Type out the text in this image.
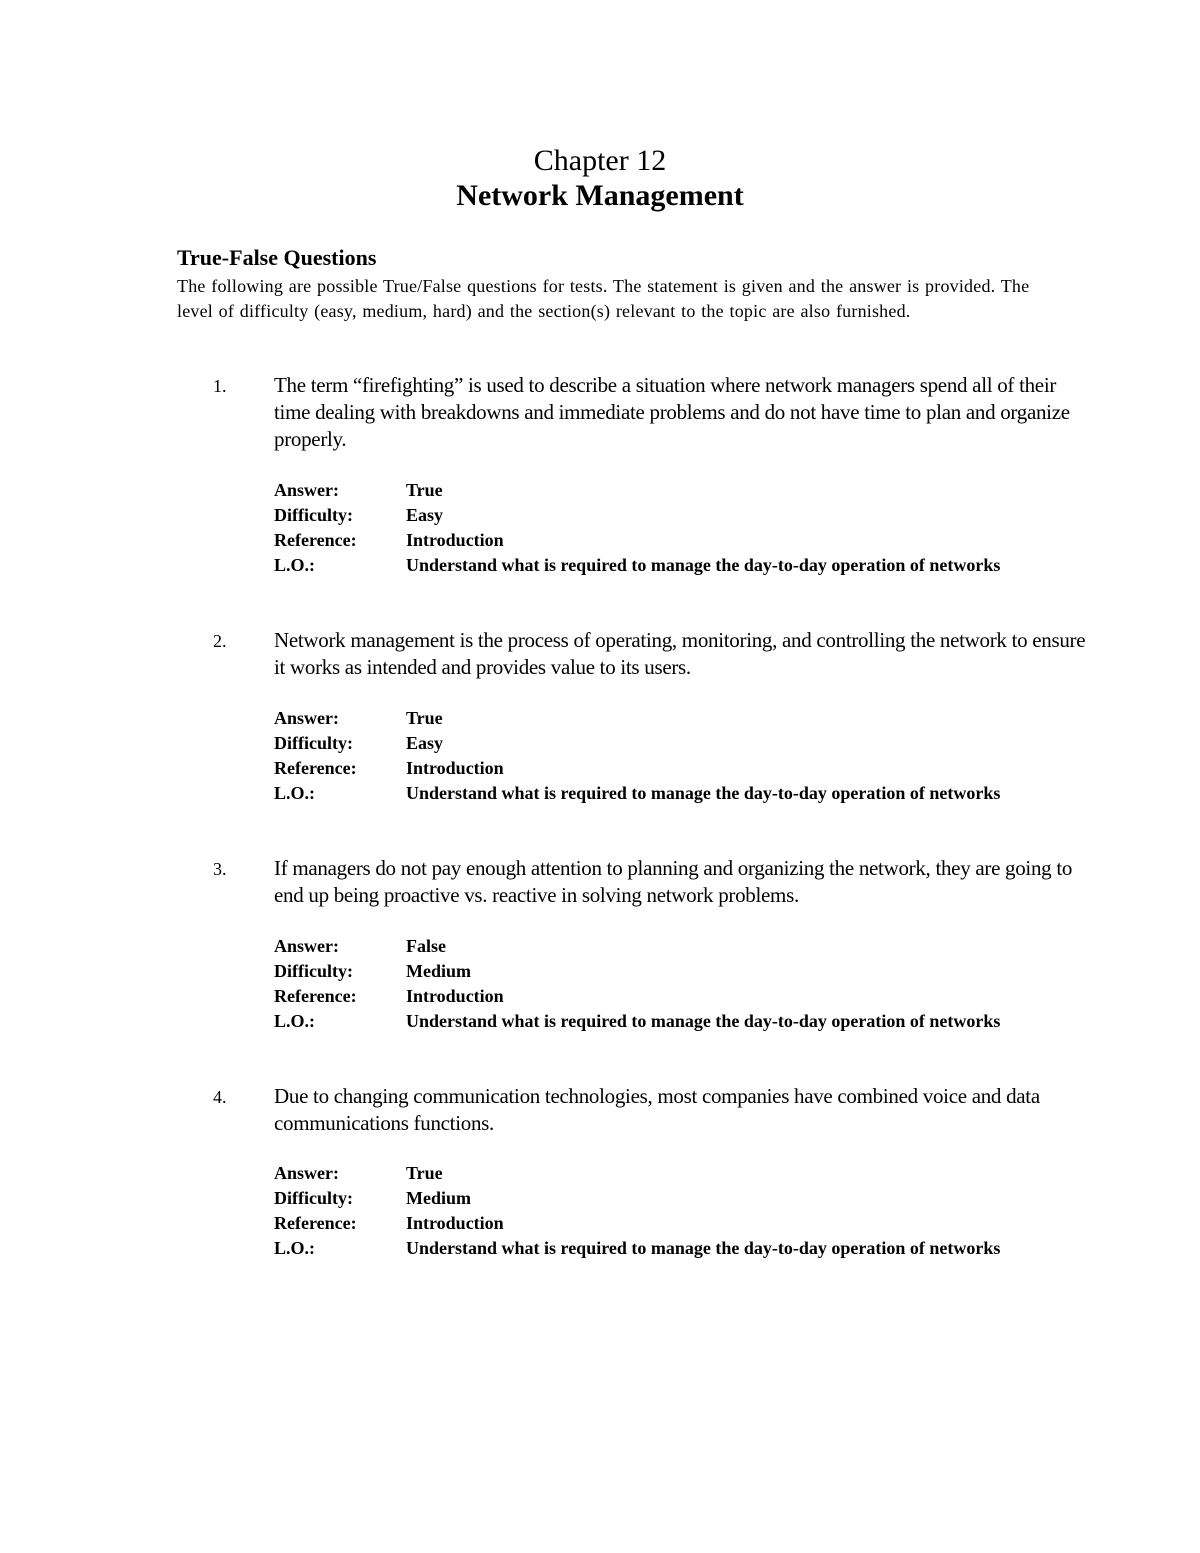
Chapter 12
Network Management
True-False Questions
The following are possible True/False questions for tests. The statement is given and the answer is provided. The level of difficulty (easy, medium, hard) and the section(s) relevant to the topic are also furnished.
1. The term “firefighting” is used to describe a situation where network managers spend all of their time dealing with breakdowns and immediate problems and do not have time to plan and organize properly.
Answer:	True
Difficulty:	Easy
Reference:	Introduction
L.O.:	Understand what is required to manage the day-to-day operation of networks
2. Network management is the process of operating, monitoring, and controlling the network to ensure it works as intended and provides value to its users.
Answer:	True
Difficulty:	Easy
Reference:	Introduction
L.O.:	Understand what is required to manage the day-to-day operation of networks
3. If managers do not pay enough attention to planning and organizing the network, they are going to end up being proactive vs. reactive in solving network problems.
Answer:	False
Difficulty:	Medium
Reference:	Introduction
L.O.:	Understand what is required to manage the day-to-day operation of networks
4. Due to changing communication technologies, most companies have combined voice and data communications functions.
Answer:	True
Difficulty:	Medium
Reference:	Introduction
L.O.:	Understand what is required to manage the day-to-day operation of networks
